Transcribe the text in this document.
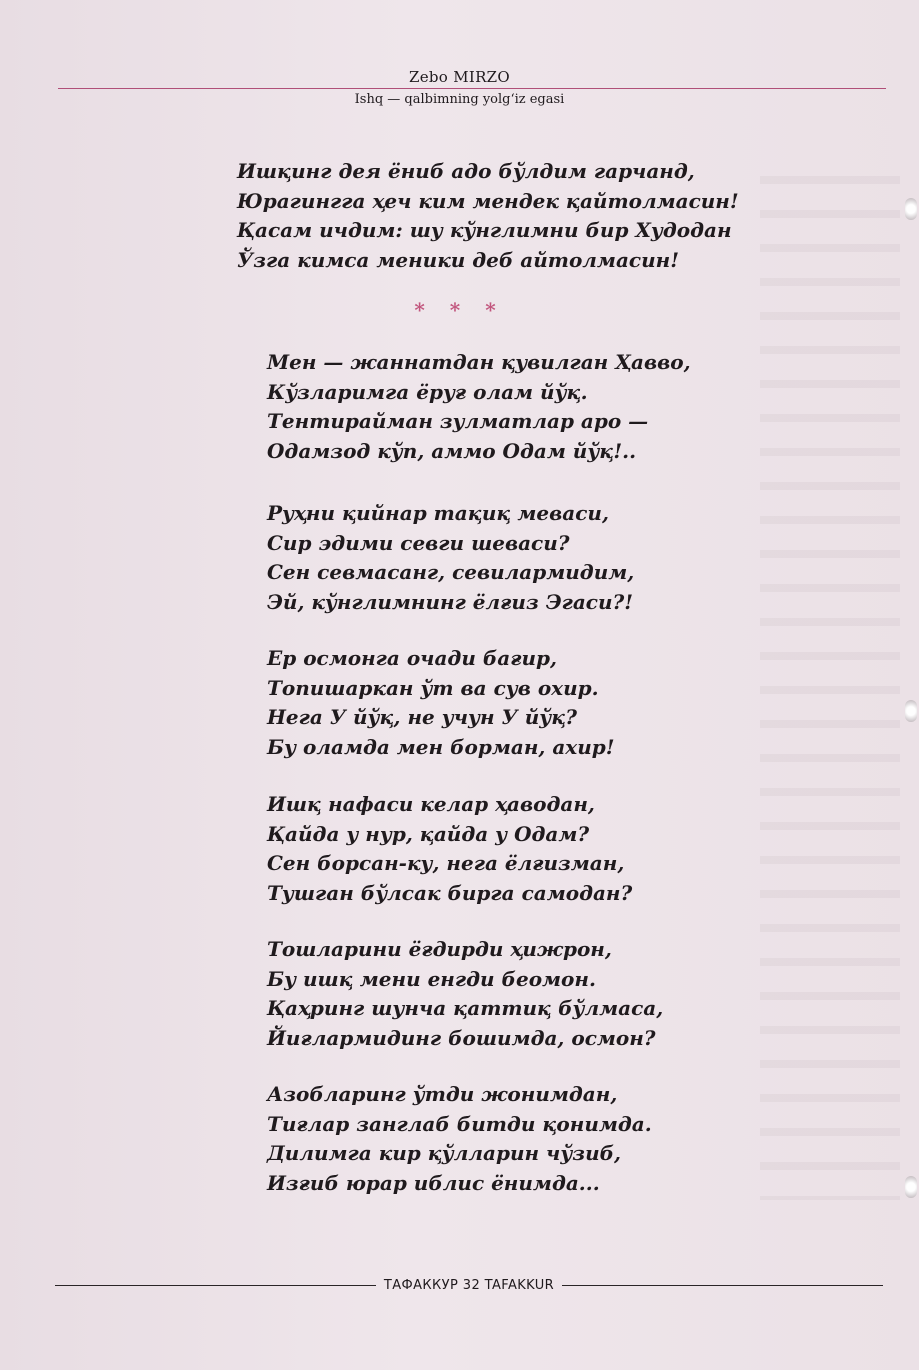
Zebo MIRZO
Ishq — qalbimning yolg‘iz egasi
Ишқинг дея ёниб адо бўлдим гарчанд,
Юрагингга ҳеч ким мендек қайтолмасин!
Қасам ичдим: шу кўнглимни бир Худодан
Ўзга кимса меники деб айтолмасин!
* * *
Мен — жаннатдан қувилган Ҳавво,
Кўзларимга ёруғ олам йўқ.
Тентирайман зулматлар аро —
Одамзод кўп, аммо Одам йўқ!..
Руҳни қийнар тақиқ меваси,
Сир эдими севги шеваси?
Сен севмасанг, севилармидим,
Эй, кўнглимнинг ёлғиз Эгаси?!
Ер осмонга очади бағир,
Топишаркан ўт ва сув охир.
Нега У йўқ, не учун У йўқ?
Бу оламда мен борман, ахир!
Ишқ нафаси келар ҳаводан,
Қайда у нур, қайда у Одам?
Сен борсан-ку, нега ёлғизман,
Тушган бўлсак бирга самодан?
Тошларини ёғдирди ҳижрон,
Бу ишқ мени енгди беомон.
Қаҳринг шунча қаттиқ бўлмаса,
Йиғлармидинг бошимда, осмон?
Азобларинг ўтди жонимдан,
Тиғлар занглаб битди қонимда.
Дилимга кир қўлларин чўзиб,
Изғиб юрар иблис ёнимда...
ТАФАККУР 32 TAFAKKUR
